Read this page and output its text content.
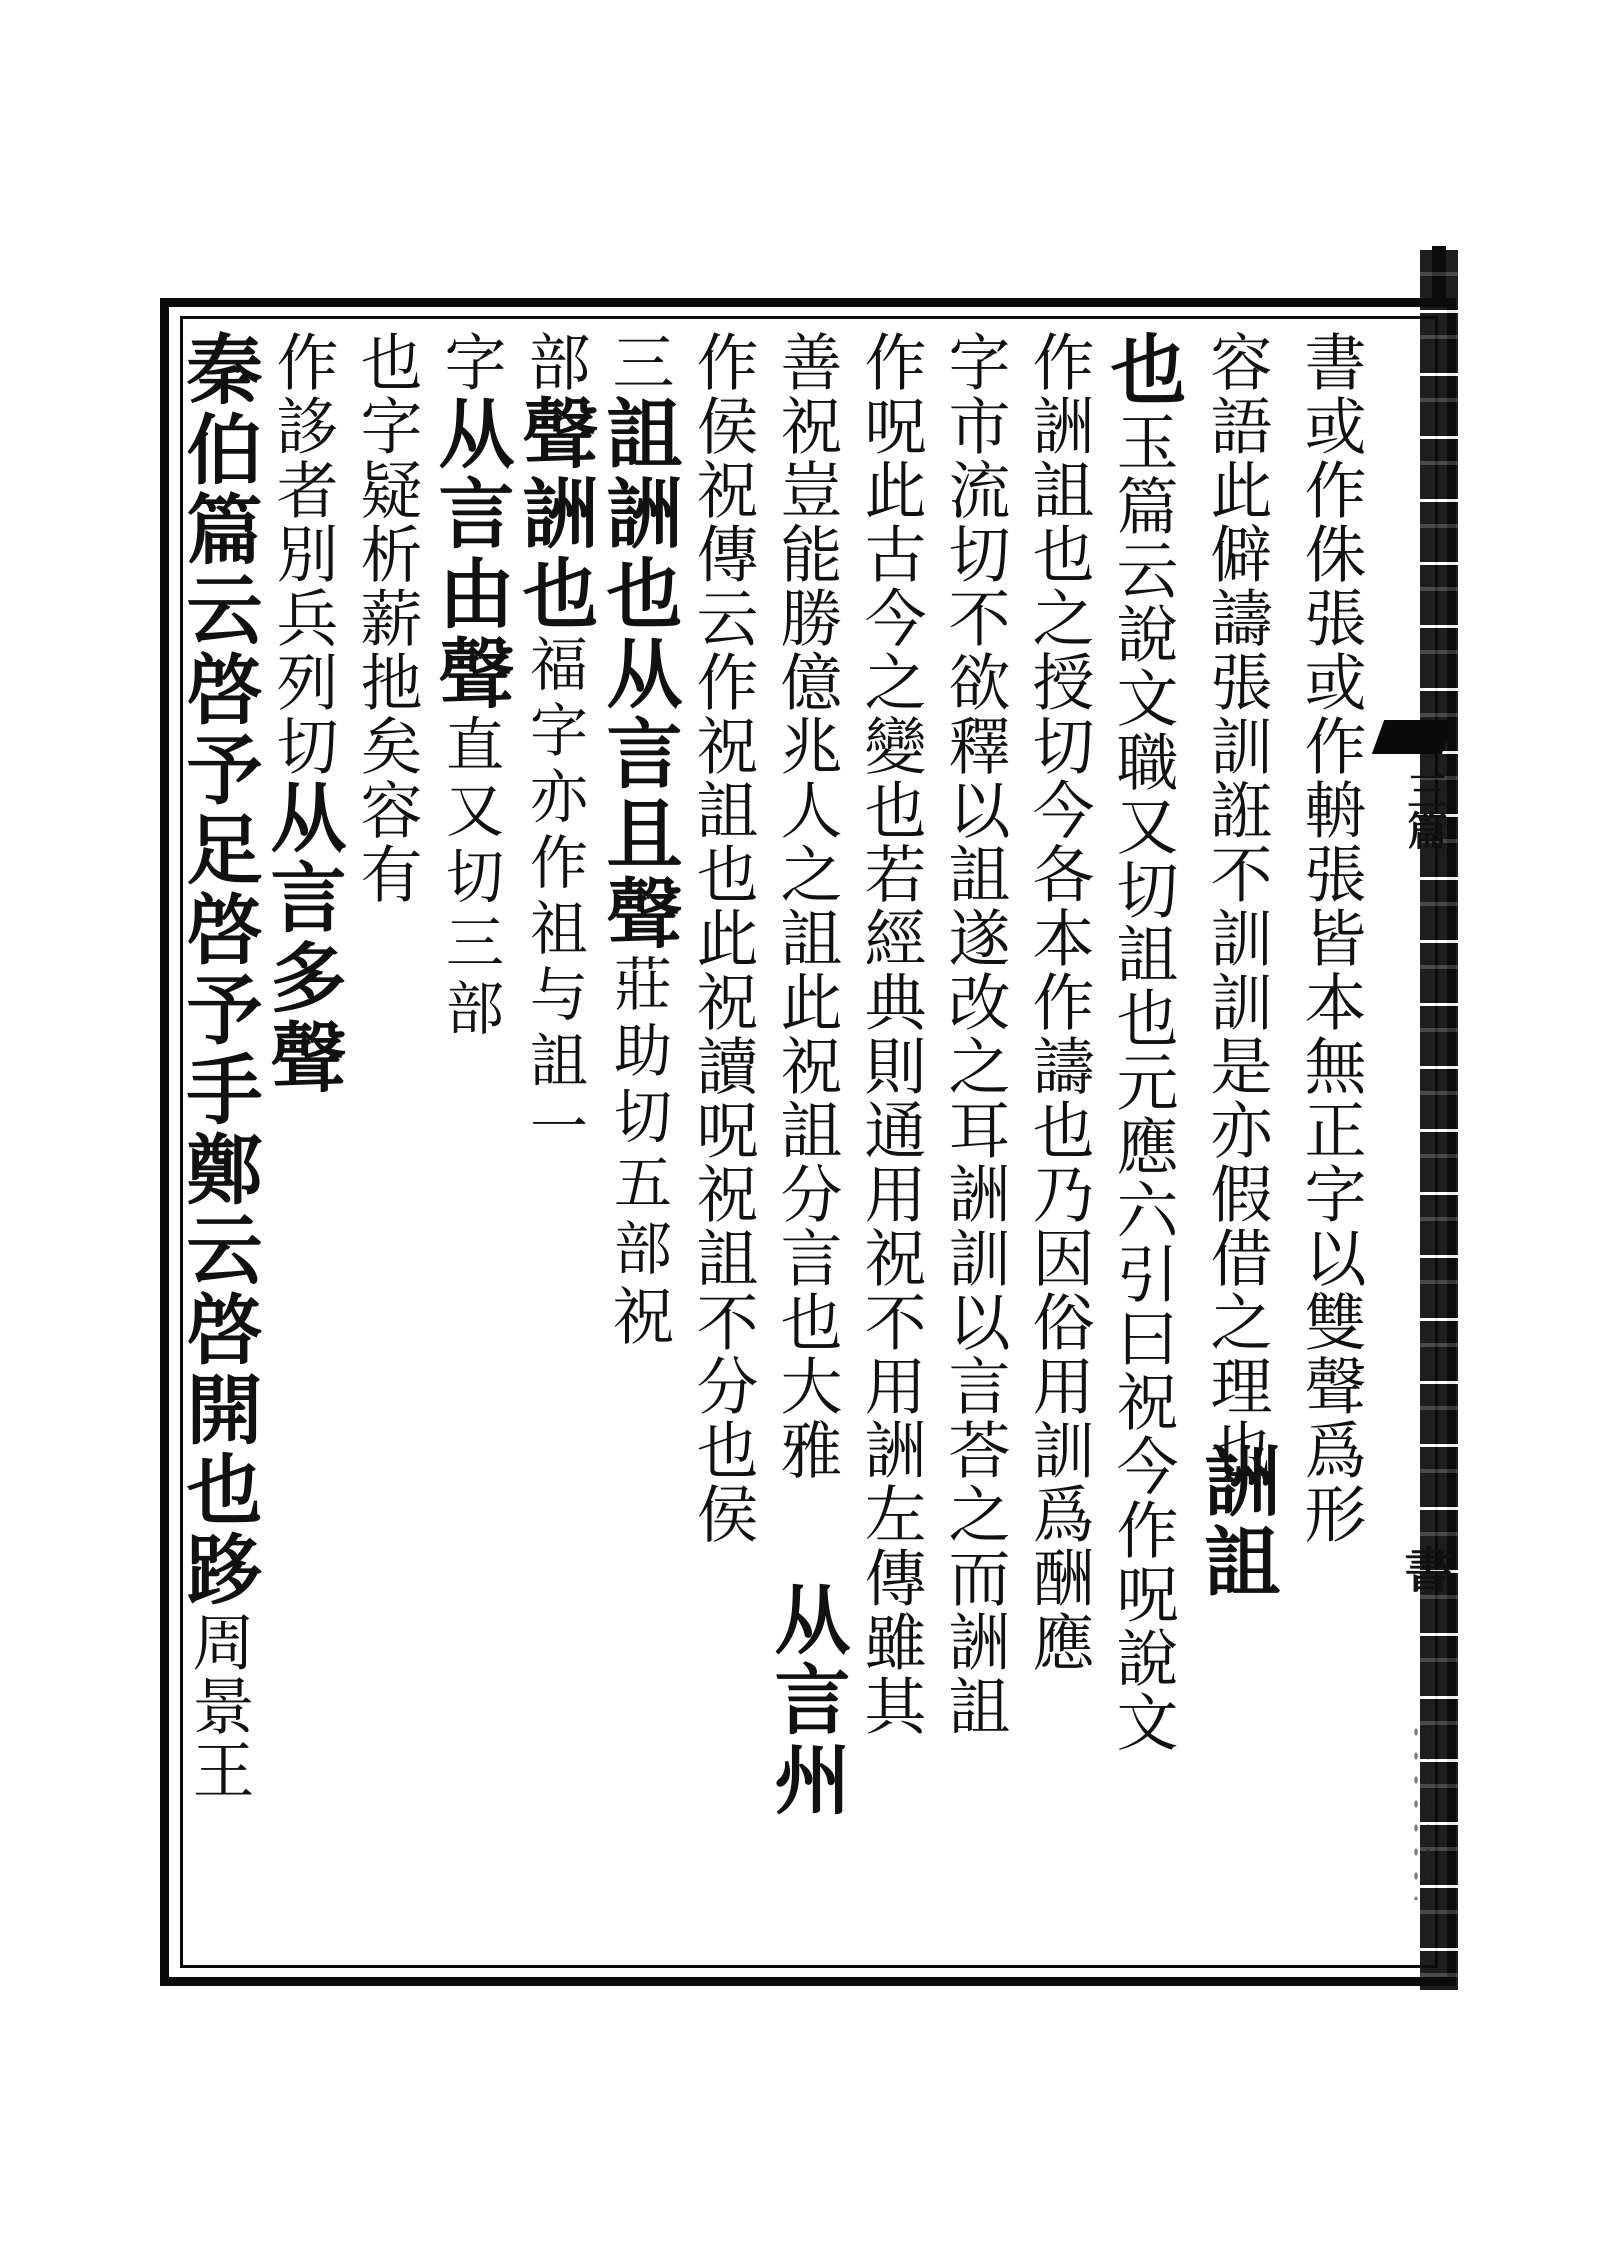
三篇
書
書或作侏張或作輈張皆本無正字以雙聲爲形
容語此僻譸張訓誑不訓訓是亦假借之理也
詶詛
也
玉篇云說文職又切詛也元應六引曰祝今作呪說文
作詶詛也之授切今各本作譸也乃因俗用訓爲酬應
字市流切不欲釋以詛遂改之耳詶訓以言荅之而詶詛
作呪此古今之變也若經典則通用祝不用詶左傳雖其
善祝豈能勝億兆人之詛此祝詛分言也大雅
从言州
作侯祝傳云作祝詛也此祝讀呪祝詛不分也
侯
三
詛詶也从言且聲
莊助切五部
祝
部
聲
詶也
福字亦作
祖与詛一
字
从言由聲
直又切三部
也
字疑析薪扡矣容有
作誃者別兵列切
从言多聲
秦伯篇云啓予足啓予手鄭云啓開也跢
周景王
